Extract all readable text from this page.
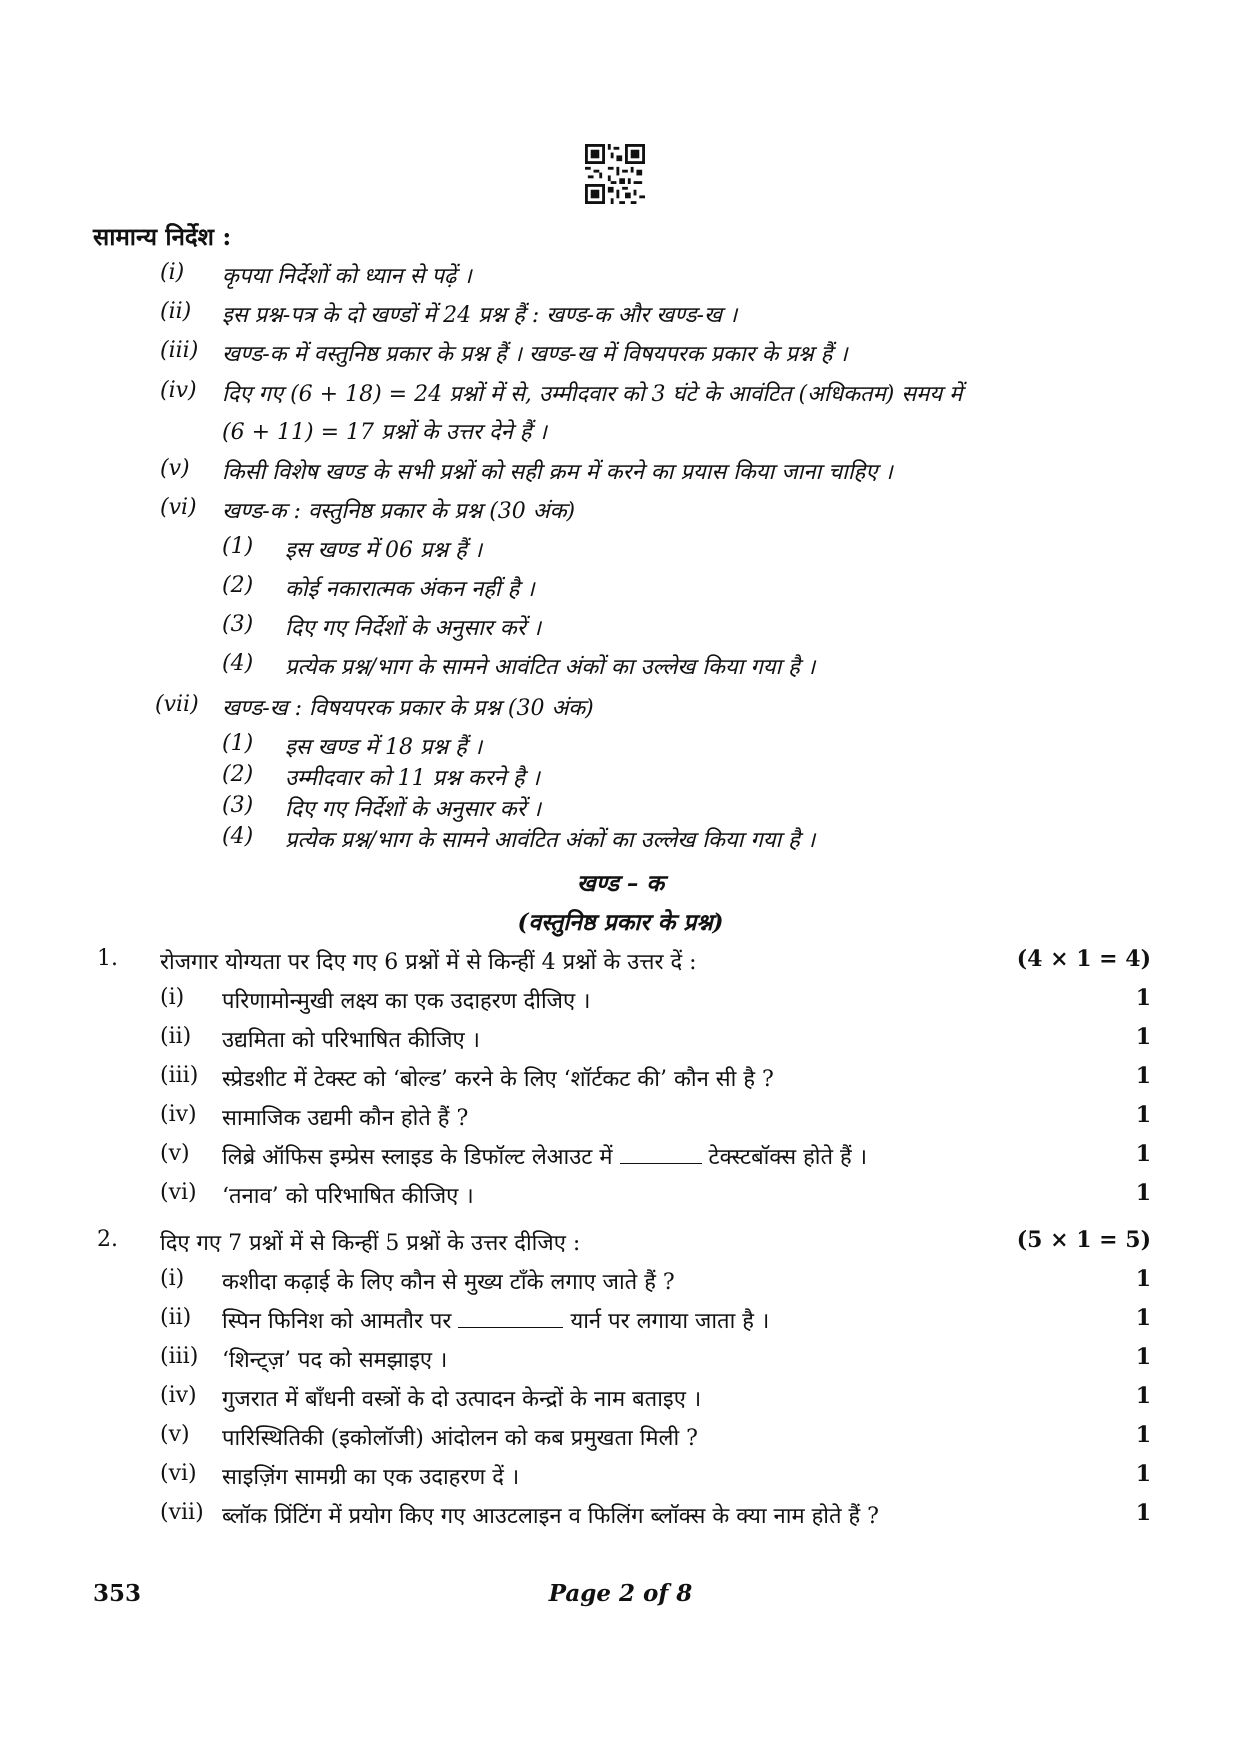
सामान्य निर्देश :
(i) कृपया निर्देशों को ध्यान से पढ़ें ।
(ii) इस प्रश्न-पत्र के दो खण्डों में 24 प्रश्न हैं : खण्ड-क और खण्ड-ख ।
(iii) खण्ड-क में वस्तुनिष्ठ प्रकार के प्रश्न हैं । खण्ड-ख में विषयपरक प्रकार के प्रश्न हैं ।
(iv) दिए गए (6 + 18) = 24 प्रश्नों में से, उम्मीदवार को 3 घंटे के आवंटित (अधिकतम) समय में
(6 + 11) = 17 प्रश्नों के उत्तर देने हैं ।
(v) किसी विशेष खण्ड के सभी प्रश्नों को सही क्रम में करने का प्रयास किया जाना चाहिए ।
(vi) खण्ड-क : वस्तुनिष्ठ प्रकार के प्रश्न (30 अंक)
(1) इस खण्ड में 06 प्रश्न हैं ।
(2) कोई नकारात्मक अंकन नहीं है ।
(3) दिए गए निर्देशों के अनुसार करें ।
(4) प्रत्येक प्रश्न/भाग के सामने आवंटित अंकों का उल्लेख किया गया है ।
(vii) खण्ड-ख : विषयपरक प्रकार के प्रश्न (30 अंक)
(1) इस खण्ड में 18 प्रश्न हैं ।
(2) उम्मीदवार को 11 प्रश्न करने है ।
(3) दिए गए निर्देशों के अनुसार करें ।
(4) प्रत्येक प्रश्न/भाग के सामने आवंटित अंकों का उल्लेख किया गया है ।
खण्ड – क
(वस्तुनिष्ठ प्रकार के प्रश्न)
1. रोजगार योग्यता पर दिए गए 6 प्रश्नों में से किन्हीं 4 प्रश्नों के उत्तर दें :	(4 × 1 = 4)
(i) परिणामोन्मुखी लक्ष्य का एक उदाहरण दीजिए ।	1
(ii) उद्यमिता को परिभाषित कीजिए ।	1
(iii) स्प्रेडशीट में टेक्स्ट को ‘बोल्ड’ करने के लिए ‘शॉर्टकट की’ कौन सी है ?	1
(iv) सामाजिक उद्यमी कौन होते हैं ?	1
(v) लिब्रे ऑफिस इम्प्रेस स्लाइड के डिफॉल्ट लेआउट में	टेक्स्टबॉक्स होते हैं ।	1
(vi) ‘तनाव’ को परिभाषित कीजिए ।	1
2. दिए गए 7 प्रश्नों में से किन्हीं 5 प्रश्नों के उत्तर दीजिए :	(5 × 1 = 5)
(i) कशीदा कढ़ाई के लिए कौन से मुख्य टाँके लगाए जाते हैं ?	1
(ii) स्पिन फिनिश को आमतौर पर	यार्न पर लगाया जाता है ।	1
(iii) ‘शिन्ट्ज़’ पद को समझाइए ।	1
(iv) गुजरात में बाँधनी वस्त्रों के दो उत्पादन केन्द्रों के नाम बताइए ।	1
(v) पारिस्थितिकी (इकोलॉजी) आंदोलन को कब प्रमुखता मिली ?	1
(vi) साइज़िंग सामग्री का एक उदाहरण दें ।	1
(vii) ब्लॉक प्रिंटिंग में प्रयोग किए गए आउटलाइन व फिलिंग ब्लॉक्स के क्या नाम होते हैं ?	1
353	Page 2 of 8
